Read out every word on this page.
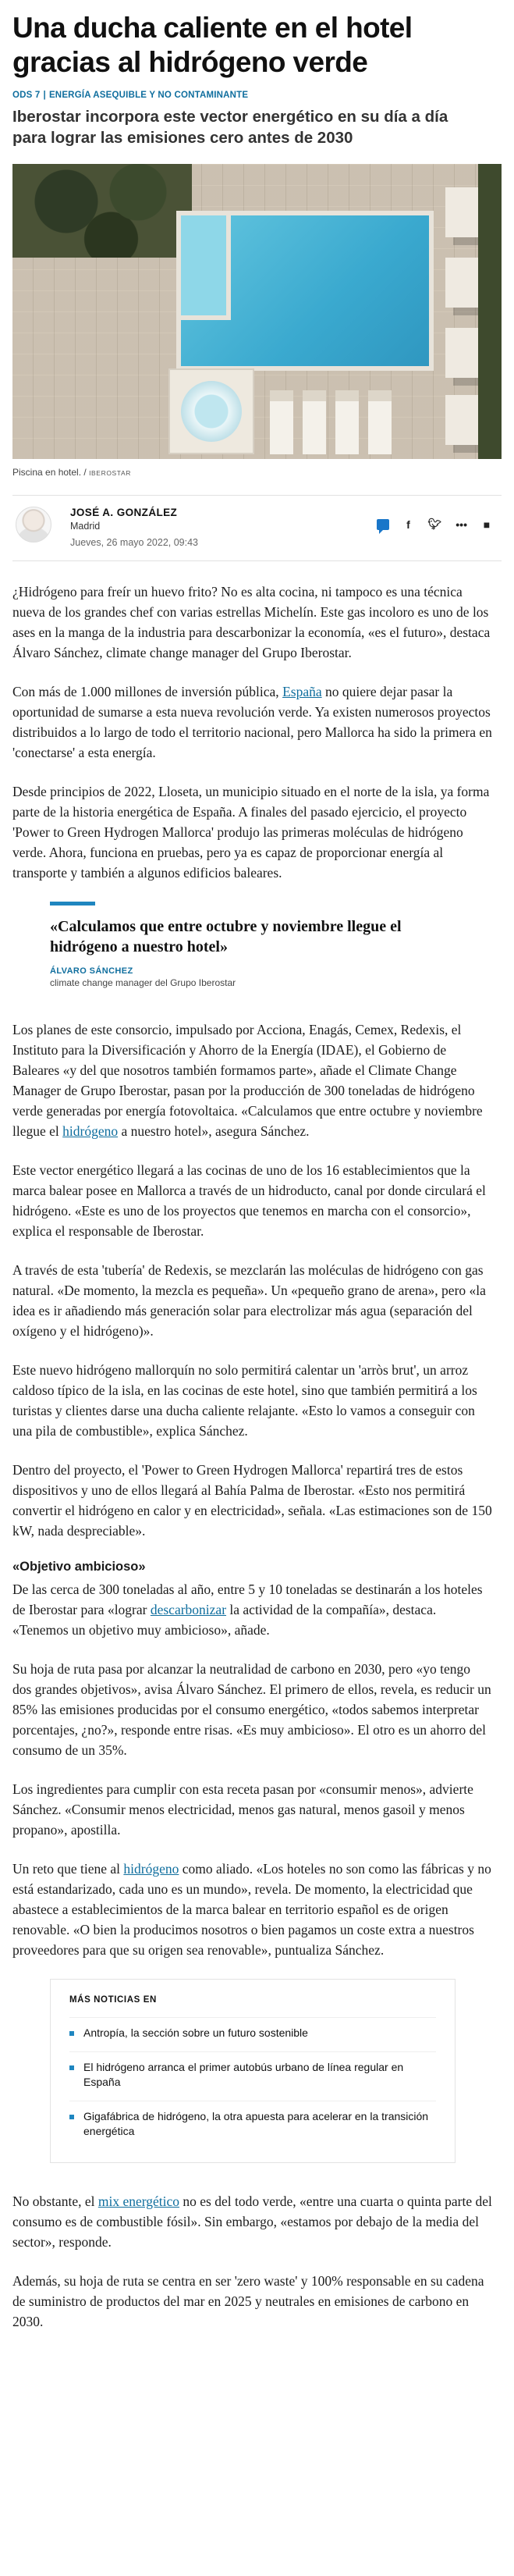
Una ducha caliente en el hotel gracias al hidrógeno verde
ODS 7 | ENERGÍA ASEQUIBLE Y NO CONTAMINANTE
Iberostar incorpora este vector energético en su día a día para lograr las emisiones cero antes de 2030
Piscina en hotel. / IBEROSTAR
JOSÉ A. GONZÁLEZ
Madrid
Jueves, 26 mayo 2022, 09:43
f	🐦︎ ••• ■

¿Hidrógeno para freír un huevo frito? No es alta cocina, ni tampoco es una técnica nueva de los grandes chef con varias estrellas Michelín. Este gas incoloro es uno de los ases en la manga de la industria para descarbonizar la economía, «es el futuro», destaca Álvaro Sánchez, climate change manager del Grupo Iberostar.

Con más de 1.000 millones de inversión pública, España no quiere dejar pasar la oportunidad de sumarse a esta nueva revolución verde. Ya existen numerosos proyectos distribuidos a lo largo de todo el territorio nacional, pero Mallorca ha sido la primera en 'conectarse' a esta energía.

Desde principios de 2022, Lloseta, un municipio situado en el norte de la isla, ya forma parte de la historia energética de España. A finales del pasado ejercicio, el proyecto 'Power to Green Hydrogen Mallorca' produjo las primeras moléculas de hidrógeno verde. Ahora, funciona en pruebas, pero ya es capaz de proporcionar energía al transporte y también a algunos edificios baleares.

«Calculamos que entre octubre y noviembre llegue el hidrógeno a nuestro hotel»
ÁLVARO SÁNCHEZ
climate change manager del Grupo Iberostar

Los planes de este consorcio, impulsado por Acciona, Enagás, Cemex, Redexis, el Instituto para la Diversificación y Ahorro de la Energía (IDAE), el Gobierno de Baleares «y del que nosotros también formamos parte», añade el Climate Change Manager de Grupo Iberostar, pasan por la producción de 300 toneladas de hidrógeno verde generadas por energía fotovoltaica. «Calculamos que entre octubre y noviembre llegue el hidrógeno a nuestro hotel», asegura Sánchez.

Este vector energético llegará a las cocinas de uno de los 16 establecimientos que la marca balear posee en Mallorca a través de un hidroducto, canal por donde circulará el hidrógeno. «Este es uno de los proyectos que tenemos en marcha con el consorcio», explica el responsable de Iberostar.

A través de esta 'tubería' de Redexis, se mezclarán las moléculas de hidrógeno con gas natural. «De momento, la mezcla es pequeña». Un «pequeño grano de arena», pero «la idea es ir añadiendo más generación solar para electrolizar más agua (separación del oxígeno y el hidrógeno)».

Este nuevo hidrógeno mallorquín no solo permitirá calentar un 'arròs brut', un arroz caldoso típico de la isla, en las cocinas de este hotel, sino que también permitirá a los turistas y clientes darse una ducha caliente relajante. «Esto lo vamos a conseguir con una pila de combustible», explica Sánchez.

Dentro del proyecto, el 'Power to Green Hydrogen Mallorca' repartirá tres de estos dispositivos y uno de ellos llegará al Bahía Palma de Iberostar. «Esto nos permitirá convertir el hidrógeno en calor y en electricidad», señala. «Las estimaciones son de 150 kW, nada despreciable».

«Objetivo ambicioso»

De las cerca de 300 toneladas al año, entre 5 y 10 toneladas se destinarán a los hoteles de Iberostar para «lograr descarbonizar la actividad de la compañía», destaca. «Tenemos un objetivo muy ambicioso», añade.

Su hoja de ruta pasa por alcanzar la neutralidad de carbono en 2030, pero «yo tengo dos grandes objetivos», avisa Álvaro Sánchez. El primero de ellos, revela, es reducir un 85% las emisiones producidas por el consumo energético, «todos sabemos interpretar porcentajes, ¿no?», responde entre risas. «Es muy ambicioso». El otro es un ahorro del consumo de un 35%.

Los ingredientes para cumplir con esta receta pasan por «consumir menos», advierte Sánchez. «Consumir menos electricidad, menos gas natural, menos gasoil y menos propano», apostilla.

Un reto que tiene al hidrógeno como aliado. «Los hoteles no son como las fábricas y no está estandarizado, cada uno es un mundo», revela. De momento, la electricidad que abastece a establecimientos de la marca balear en territorio español es de origen renovable. «O bien la producimos nosotros o bien pagamos un coste extra a nuestros proveedores para que su origen sea renovable», puntualiza Sánchez.

MÁS NOTICIAS EN
Antropía, la sección sobre un futuro sostenible
El hidrógeno arranca el primer autobús urbano de línea regular en España
Gigafábrica de hidrógeno, la otra apuesta para acelerar en la transición energética

No obstante, el mix energético no es del todo verde, «entre una cuarta o quinta parte del consumo es de combustible fósil». Sin embargo, «estamos por debajo de la media del sector», responde.

Además, su hoja de ruta se centra en ser 'zero waste' y 100% responsable en su cadena de suministro de productos del mar en 2025 y neutrales en emisiones de carbono en 2030.
